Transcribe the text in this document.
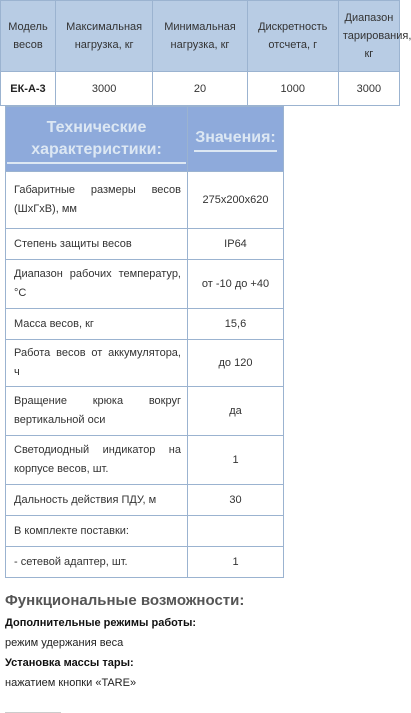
Модель весов	Максимальная нагрузка, кг	Минимальная нагрузка, кг	Дискретность отсчета, г	Диапазон тарирования, кг
ЕК-А-3	3000	20	1000	3000
Технические характеристики:	Значения:
Габаритные размеры весов (ШхГхВ), мм	275x200x620
Степень защиты весов	IP64
Диапазон рабочих температур, °С	от -10 до +40
Масса весов, кг	15,6
Работа весов от аккумулятора, ч	до 120
Вращение крюка вокруг вертикальной оси	да
Светодиодный индикатор на корпусе весов, шт.	1
Дальность действия ПДУ, м	30
В комплекте поставки:	
- сетевой адаптер, шт.	1
Функциональные возможности:
Дополнительные режимы работы:
режим удержания веса
Установка массы тары:
нажатием кнопки «TARE»
